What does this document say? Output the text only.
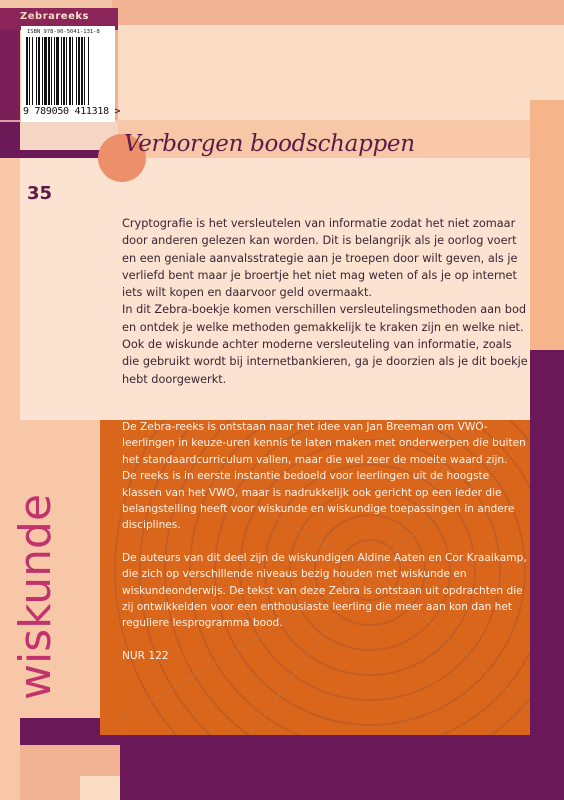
Zebrareeks
ISBN 978-90-5041-131-8
9 789050 411318 >
Verborgen boodschappen
35

Cryptografie is het versleutelen van informatie zodat het niet zomaar door anderen gelezen kan worden. Dit is belangrijk als je oorlog voert en een geniale aanvalsstrategie aan je troepen door wilt geven, als je verliefd bent maar je broertje het niet mag weten of als je op internet iets wilt kopen en daarvoor geld overmaakt.

In dit Zebra-boekje komen verschillen versleutelingsmethoden aan bod en ontdek je welke methoden gemakkelijk te kraken zijn en welke niet.

Ook de wiskunde achter moderne versleuteling van informatie, zoals die gebruikt wordt bij internetbankieren, ga je doorzien als je dit boekje hebt doorgewerkt.

wiskunde

De Zebra-reeks is ontstaan naar het idee van Jan Breeman om VWO-leerlingen in keuze-uren kennis te laten maken met onderwerpen die buiten het standaardcurriculum vallen, maar die wel zeer de moeite waard zijn.

De reeks is in eerste instantie bedoeld voor leerlingen uit de hoogste klassen van het VWO, maar is nadrukkelijk ook gericht op een ieder die belangstelling heeft voor wiskunde en wiskundige toepassingen in andere disciplines.

De auteurs van dit deel zijn de wiskundigen Aldine Aaten en Cor Kraaikamp, die zich op verschillende niveaus bezig houden met wiskunde en wiskundeonderwijs. De tekst van deze Zebra is ontstaan uit opdrachten die zij ontwikkelden voor een enthousiaste leerling die meer aan kon dan het reguliere lesprogramma bood.

NUR 122
